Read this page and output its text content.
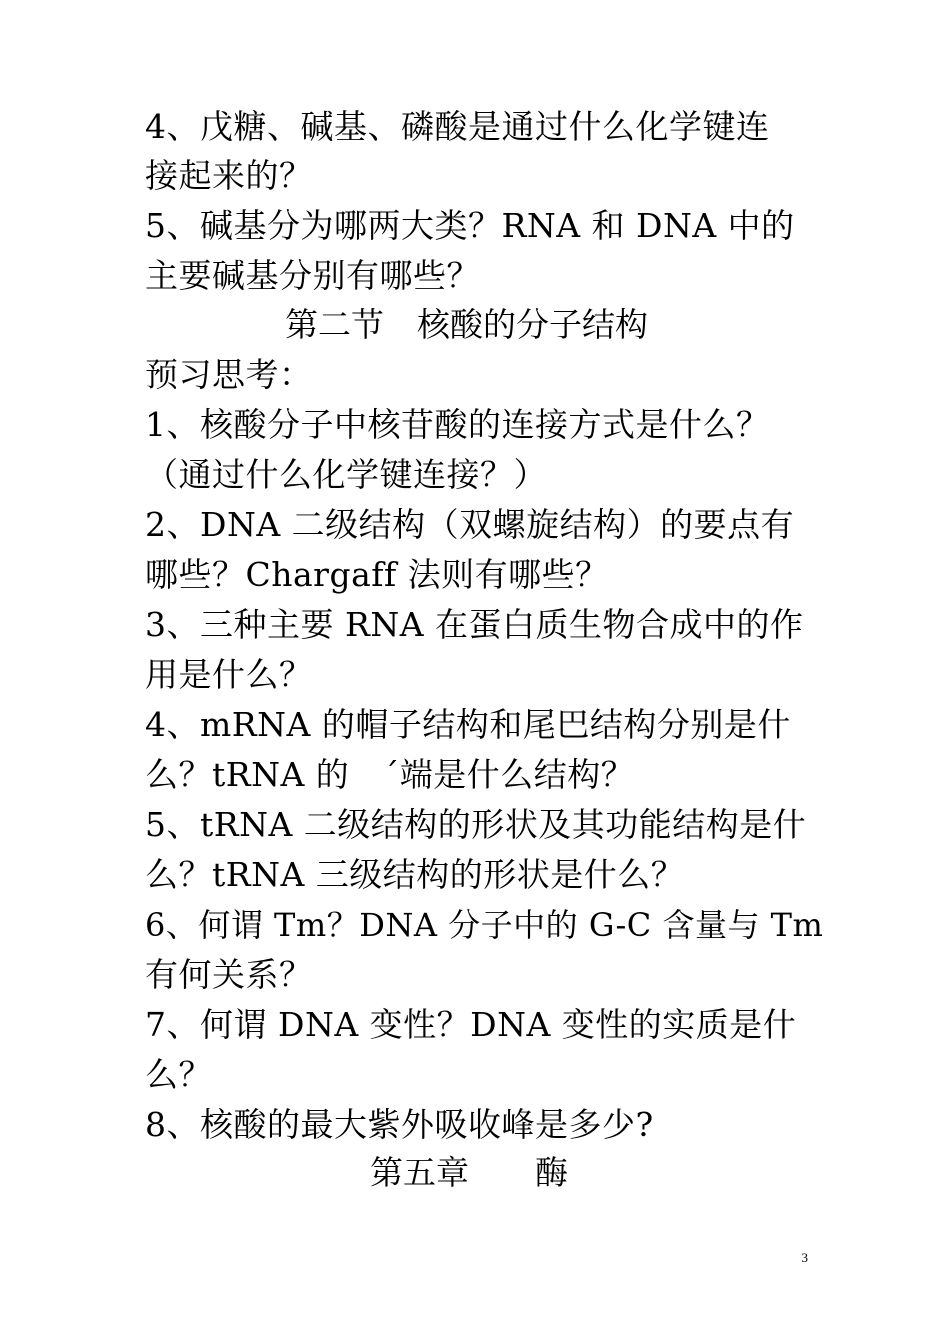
4、戊糖、碱基、磷酸是通过什么化学键连
接起来的？
5、碱基分为哪两大类？RNA 和 DNA 中的
主要碱基分别有哪些？
第二节　核酸的分子结构
预习思考：
1、核酸分子中核苷酸的连接方式是什么？
（通过什么化学键连接？）
2、DNA 二级结构（双螺旋结构）的要点有
哪些？Chargaff 法则有哪些？
3、三种主要 RNA 在蛋白质生物合成中的作
用是什么？
4、mRNA 的帽子结构和尾巴结构分别是什
么？tRNA 的　ˊ端是什么结构？
5、tRNA 二级结构的形状及其功能结构是什
么？tRNA 三级结构的形状是什么？
6、何谓 Tm？DNA 分子中的 G-C 含量与 Tm
有何关系？
7、何谓 DNA 变性？DNA 变性的实质是什
么？
8、核酸的最大紫外吸收峰是多少?
第五章　　酶
3
